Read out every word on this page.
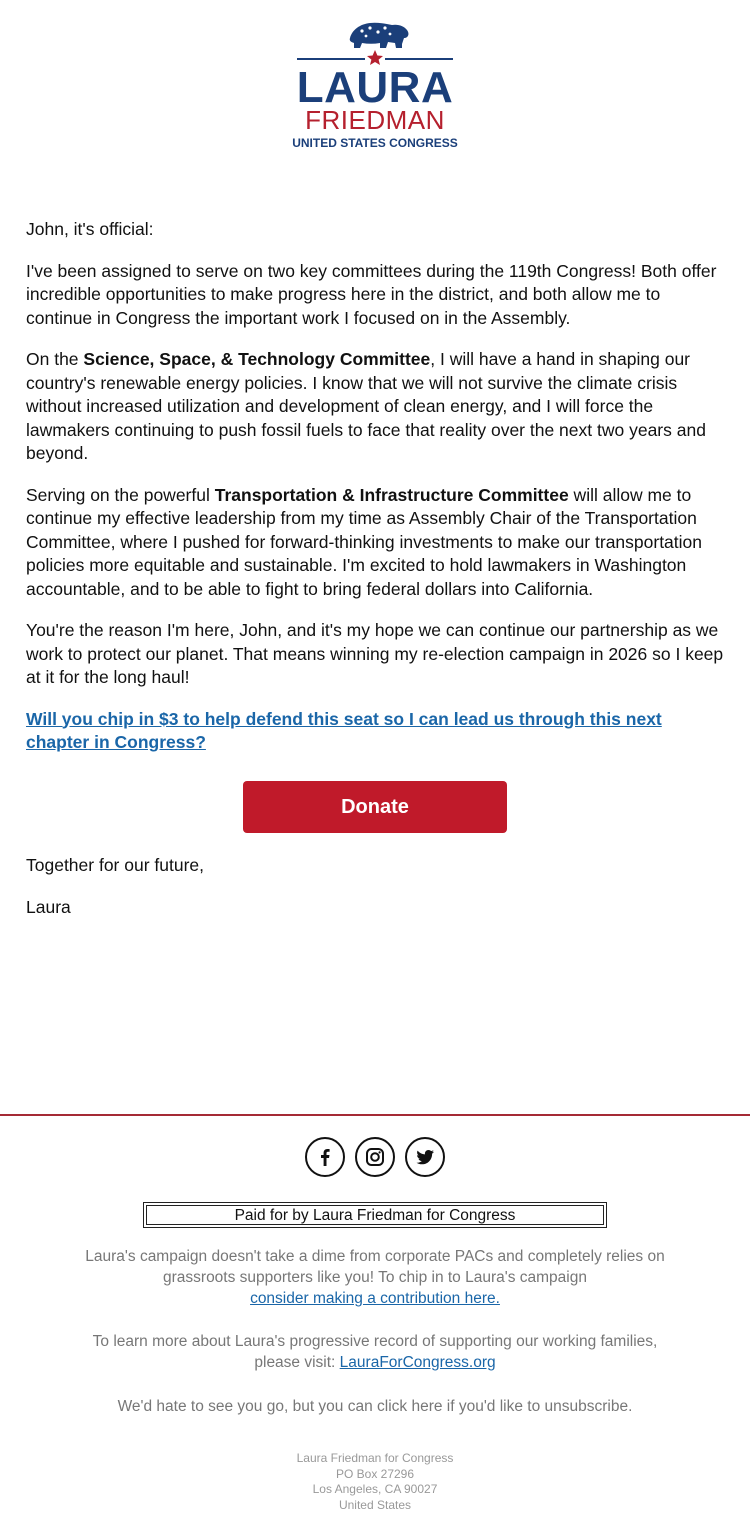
LAURA
FRIEDMAN
UNITED STATES CONGRESS

John, it's official:

I've been assigned to serve on two key committees during the 119th Congress! Both offer incredible opportunities to make progress here in the district, and both allow me to continue in Congress the important work I focused on in the Assembly.

On the Science, Space, & Technology Committee, I will have a hand in shaping our country's renewable energy policies. I know that we will not survive the climate crisis without increased utilization and development of clean energy, and I will force the lawmakers continuing to push fossil fuels to face that reality over the next two years and beyond.

Serving on the powerful Transportation & Infrastructure Committee will allow me to continue my effective leadership from my time as Assembly Chair of the Transportation Committee, where I pushed for forward-thinking investments to make our transportation policies more equitable and sustainable. I'm excited to hold lawmakers in Washington accountable, and to be able to fight to bring federal dollars into California.

You're the reason I'm here, John, and it's my hope we can continue our partnership as we work to protect our planet. That means winning my re-election campaign in 2026 so I keep at it for the long haul!

Will you chip in $3 to help defend this seat so I can lead us through this next chapter in Congress?

Donate
Together for our future,
Laura
Paid for by Laura Friedman for Congress
Laura's campaign doesn't take a dime from corporate PACs and completely relies on grassroots supporters like you! To chip in to Laura's campaign
consider making a contribution here.
To learn more about Laura's progressive record of supporting our working families, please visit: LauraForCongress.org
We'd hate to see you go, but you can click here if you'd like to unsubscribe.
Laura Friedman for Congress
PO Box 27296
Los Angeles, CA 90027
United States
